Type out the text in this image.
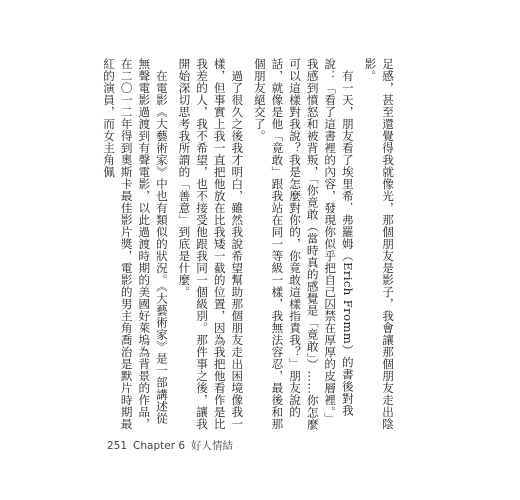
足感，甚至還覺得我就像光，那個朋友是影子，我會讓那個朋友走出陰影。

有一天，朋友看了埃里希．弗羅姆（Erich Fromm）的書後對我說：「看了這書裡的內容，發現你似乎把自己囚禁在厚厚的皮層裡。」我感到憤怒和被背叛，「你竟敢（當時真的感覺是「竟敢」）……你怎麼可以這樣對我說？我是怎麼對你的，你竟敢這樣指責我？」朋友說的話，就像是他「竟敢」跟我站在同一等級一樣，我無法容忍，最後和那個朋友絕交了。

過了很久之後我才明白，雖然我說希望幫助那個朋友走出困境像我一樣，但事實上我一直把他放在比我矮一截的位置，因為我把他看作是比我差的人，我不希望，也不接受他跟我同一個級別。那件事之後，讓我開始深切思考我所謂的「善意」到底是什麼。

在電影《大藝術家》中也有類似的狀況。《大藝術家》是一部講述從無聲電影過渡到有聲電影，以此過渡時期的美國好萊塢為背景的作品，在二〇一二年得到奧斯卡最佳影片獎，電影的男主角喬治是默片時期最紅的演員，而女主角佩

251 Chapter 6 好人情結
